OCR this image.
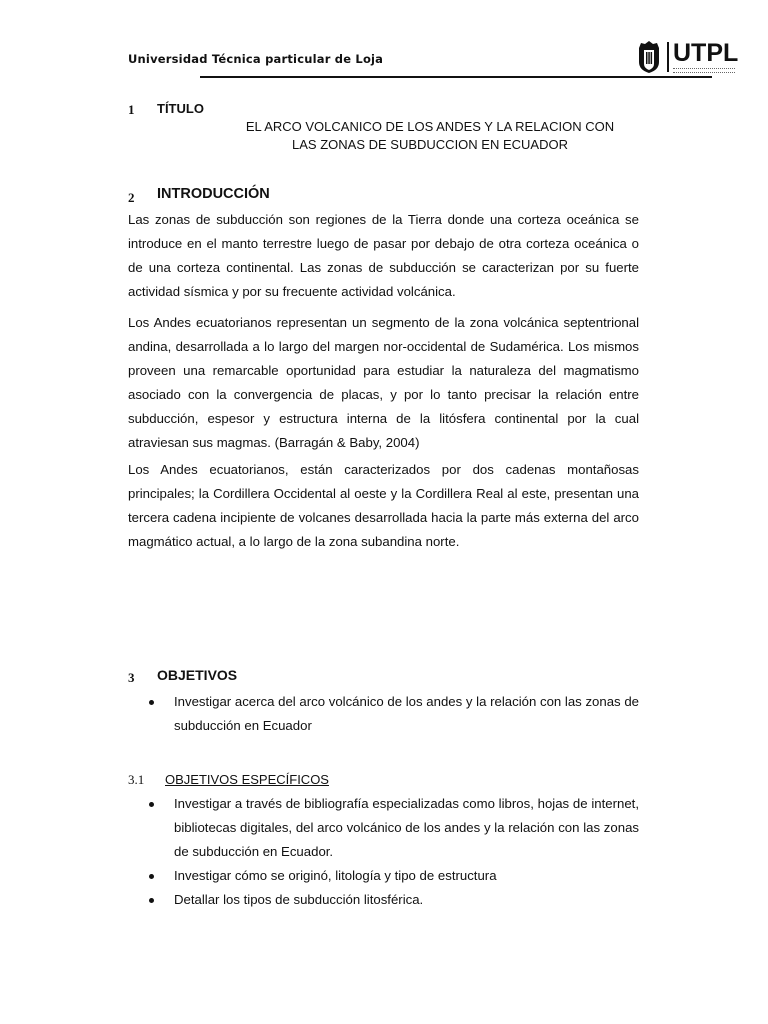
Universidad Técnica particular de Loja	UTPL
1 TÍTULO
EL ARCO VOLCANICO DE LOS ANDES Y LA RELACION CON
LAS ZONAS DE SUBDUCCION EN ECUADOR
2 INTRODUCCIÓN
Las zonas de subducción son regiones de la Tierra donde una corteza oceánica se introduce en el manto terrestre luego de pasar por debajo de otra corteza oceánica o de una corteza continental. Las zonas de subducción se caracterizan por su fuerte actividad sísmica y por su frecuente actividad volcánica.
Los Andes ecuatorianos representan un segmento de la zona volcánica septentrional andina, desarrollada a lo largo del margen nor-occidental de Sudamérica. Los mismos proveen una remarcable oportunidad para estudiar la naturaleza del magmatismo asociado con la convergencia de placas, y por lo tanto precisar la relación entre subducción, espesor y estructura interna de la litósfera continental por la cual atraviesan sus magmas. (Barragán & Baby, 2004)
Los Andes ecuatorianos, están caracterizados por dos cadenas montañosas principales; la Cordillera Occidental al oeste y la Cordillera Real al este, presentan una tercera cadena incipiente de volcanes desarrollada hacia la parte más externa del arco magmático actual, a lo largo de la zona subandina norte.
3 OBJETIVOS
Investigar acerca del arco volcánico de los andes y la relación con las zonas de subducción en Ecuador
3.1 OBJETIVOS ESPECÍFICOS
Investigar a través de bibliografía especializadas como libros, hojas de internet, bibliotecas digitales, del arco volcánico de los andes y la relación con las zonas de subducción en Ecuador.
Investigar cómo se originó, litología y tipo de estructura
Detallar los tipos de subducción litosférica.
